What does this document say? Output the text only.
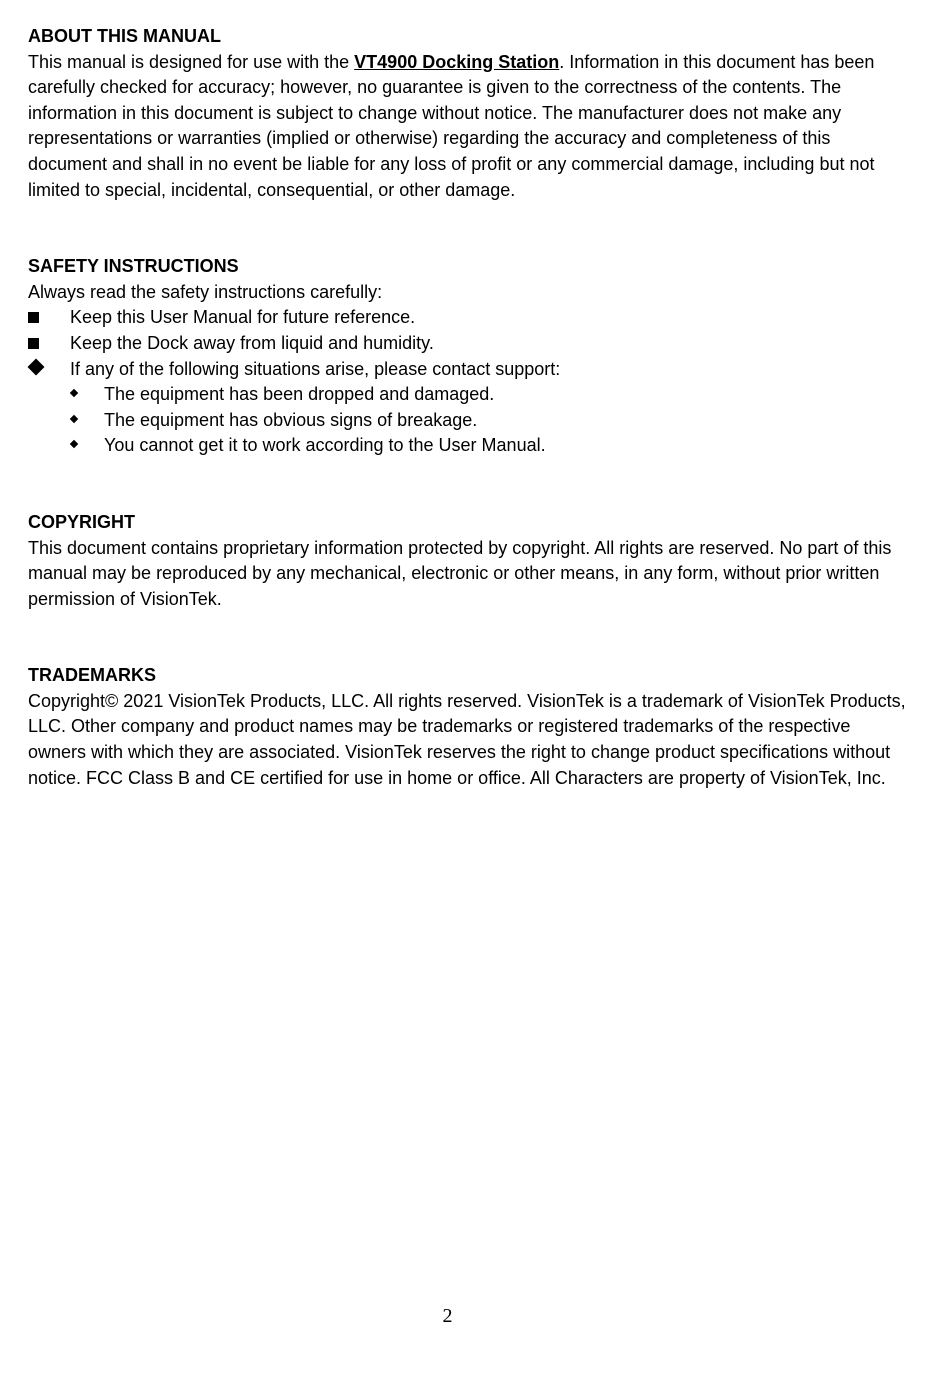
ABOUT THIS MANUAL

This manual is designed for use with the VT4900 Docking Station. Information in this document has been carefully checked for accuracy; however, no guarantee is given to the correctness of the contents. The information in this document is subject to change without notice. The manufacturer does not make any representations or warranties (implied or otherwise) regarding the accuracy and completeness of this document and shall in no event be liable for any loss of profit or any commercial damage, including but not limited to special, incidental, consequential, or other damage.

SAFETY INSTRUCTIONS

Always read the safety instructions carefully:

Keep this User Manual for future reference.
Keep the Dock away from liquid and humidity.
If any of the following situations arise, please contact support:
The equipment has been dropped and damaged.
The equipment has obvious signs of breakage.
You cannot get it to work according to the User Manual.

COPYRIGHT

This document contains proprietary information protected by copyright. All rights are reserved. No part of this manual may be reproduced by any mechanical, electronic or other means, in any form, without prior written permission of VisionTek.

TRADEMARKS

Copyright© 2021 VisionTek Products, LLC. All rights reserved. VisionTek is a trademark of VisionTek Products, LLC. Other company and product names may be trademarks or registered trademarks of the respective owners with which they are associated. VisionTek reserves the right to change product specifications without notice. FCC Class B and CE certified for use in home or office. All Characters are property of VisionTek, Inc.

2
